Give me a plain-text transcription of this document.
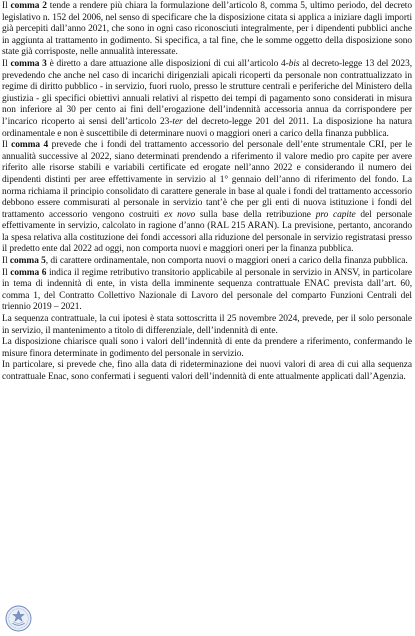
Il comma 2 tende a rendere più chiara la formulazione dell’articolo 8, comma 5, ultimo periodo, del decreto legislativo n. 152 del 2006, nel senso di specificare che la disposizione citata si applica a iniziare dagli importi già percepiti dall’anno 2021, che sono in ogni caso riconosciuti integralmente, per i dipendenti pubblici anche in aggiunta al trattamento in godimento. Si specifica, a tal fine, che le somme oggetto della disposizione sono state già corrisposte, nelle annualità interessate.

Il comma 3 è diretto a dare attuazione alle disposizioni di cui all’articolo 4-bis al decreto-legge 13 del 2023, prevedendo che anche nel caso di incarichi dirigenziali apicali ricoperti da personale non contrattualizzato in regime di diritto pubblico - in servizio, fuori ruolo, presso le strutture centrali e periferiche del Ministero della giustizia - gli specifici obiettivi annuali relativi al rispetto dei tempi di pagamento sono considerati in misura non inferiore al 30 per cento ai fini dell’erogazione dell’indennità accessoria annua da corrispondere per l’incarico ricoperto ai sensi dell’articolo 23-ter del decreto-legge 201 del 2011. La disposizione ha natura ordinamentale e non è suscettibile di determinare nuovi o maggiori oneri a carico della finanza pubblica.

Il comma 4 prevede che i fondi del trattamento accessorio del personale dell’ente strumentale CRI, per le annualità successive al 2022, siano determinati prendendo a riferimento il valore medio pro capite per avere riferito alle risorse stabili e variabili certificate ed erogate nell’anno 2022 e considerando il numero dei dipendenti distinti per aree effettivamente in servizio al 1° gennaio dell’anno di riferimento del fondo. La norma richiama il principio consolidato di carattere generale in base al quale i fondi del trattamento accessorio debbono essere commisurati al personale in servizio tant’è che per gli enti di nuova istituzione i fondi del trattamento accessorio vengono costruiti ex novo sulla base della retribuzione pro capite del personale effettivamente in servizio, calcolato in ragione d’anno (RAL 215 ARAN). La previsione, pertanto, ancorando la spesa relativa alla costituzione dei fondi accessori alla riduzione del personale in servizio registratasi presso il predetto ente dal 2022 ad oggi, non comporta nuovi e maggiori oneri per la finanza pubblica.

Il comma 5, di carattere ordinamentale, non comporta nuovi o maggiori oneri a carico della finanza pubblica.

Il comma 6 indica il regime retributivo transitorio applicabile al personale in servizio in ANSV, in particolare in tema di indennità di ente, in vista della imminente sequenza contrattuale ENAC prevista dall’art. 60, comma 1, del Contratto Collettivo Nazionale di Lavoro del personale del comparto Funzioni Centrali del triennio 2019 – 2021.

La sequenza contrattuale, la cui ipotesi è stata sottoscritta il 25 novembre 2024, prevede, per il solo personale in servizio, il mantenimento a titolo di differenziale, dell’indennità di ente.

La disposizione chiarisce quali sono i valori dell’indennità di ente da prendere a riferimento, confermando le misure finora determinate in godimento del personale in servizio.

In particolare, si prevede che, fino alla data di rideterminazione dei nuovi valori di area di cui alla sequenza contrattuale Enac, sono confermati i seguenti valori dell’indennità di ente attualmente applicati dall’Agenzia.
